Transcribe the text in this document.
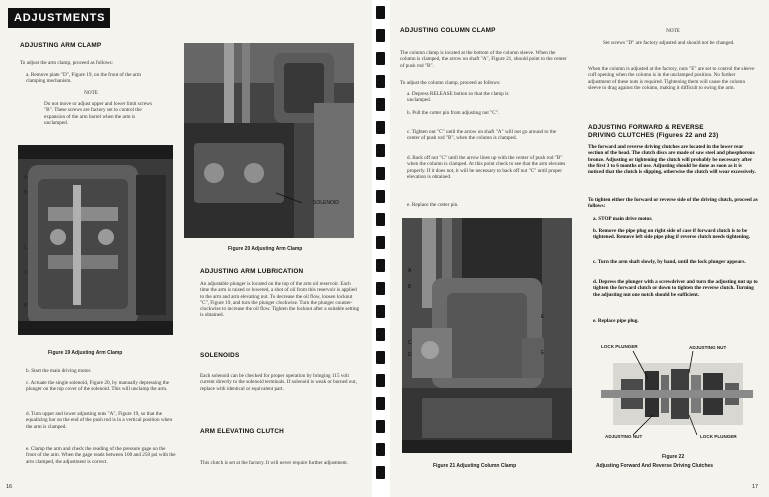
ADJUSTMENTS
ADJUSTING ARM CLAMP
To adjust the arm clamp, proceed as follows:
a. Remove plate "D", Figure 19, on the front of the arm clamping mechanism.
NOTE
Do not move or adjust upper and lower limit screws "B". These screws are factory set to control the expansion of the arm barrel when the arm is unclamped.
A
B
C
D
B
A
Figure 19 Adjusting Arm Clamp
SOLENOID
Figure 20 Adjusting Arm Clamp
ADJUSTING ARM LUBRICATION
An adjustable plunger is located on the top of the arm oil reservoir. Each time the arm is raised or lowered, a shot of oil from this reservoir is applied to the arm and arm elevating nut. To decrease the oil flow, loosen locknut "C", Figure 19, and turn the plunger clockwise. Turn the plunger counter-clockwise to increase the oil flow. Tighten the locknut after a suitable setting is obtained.
SOLENOIDS
Each solenoid can be checked for proper operation by bringing 115 volt current directly to the solenoid terminals. If solenoid is weak or burned out, replace with identical or equivalent part.
ARM ELEVATING CLUTCH
This clutch is set at the factory. It will never require further adjustment.
b. Start the main driving motor.
c. Actuate the single solenoid, Figure 20, by manually depressing the plunger on the top cover of the solenoid. This will unclamp the arm.
d. Turn upper and lower adjusting nuts "A", Figure 19, so that the equalizing bar on the end of the push rod is in a vertical position when the arm is clamped.
e. Clamp the arm and check the reading of the pressure gage on the front of the arm. When the gage reads between 100 and 250 psi with the arm clamped, the adjustment is correct.
16
ADJUSTING COLUMN CLAMP
The column clamp is located at the bottom of the column sleeve. When the column is clamped, the arrow on shaft "A", Figure 21, should point to the center of push rod "B".
To adjust the column clamp, proceed as follows:
a. Depress RELEASE button so that the clamp is unclamped.
b. Pull the cotter pin from adjusting nut "C".
c. Tighten nut "C" until the arrow on shaft "A" will not go around to the center of push rod "B", when the column is clamped.
d. Back off nut "C" until the arrow lines up with the center of push rod "B" when the column is clamped. At this point check to see that the arm elevates properly. If it does not, it will be necessary to back off nut "C" until proper elevation is obtained.
e. Replace the cotter pin.
A
B
C
D
E
E
Figure 21 Adjusting Column Clamp
NOTE
Set screws "D" are factory adjusted and should not be changed.
When the column is adjusted at the factory, nuts "E" are set to control the sleeve cuff opening when the column is in the unclamped position. No further adjustment of these nuts is required. Tightening them will cause the column sleeve to drag against the column, making it difficult to swing the arm.
ADJUSTING FORWARD & REVERSE
DRIVING CLUTCHES (Figures 22 and 23)
The forward and reverse driving clutches are located in the lower rear section of the head. The clutch discs are made of saw steel and phosphorous bronze. Adjusting or tightening the clutch will probably be necessary after the first 3 to 6 months of use. Adjusting should be done as soon as it is noticed that the clutch is slipping, otherwise the clutch will wear excessively.
To tighten either the forward or reverse side of the driving clutch, proceed as follows:
a. STOP main drive motor.
b. Remove the pipe plug on right side of case if forward clutch is to be tightened. Remove left side pipe plug if reverse clutch needs tightening.
c. Turn the arm shaft slowly, by hand, until the lock plunger appears.
d. Depress the plunger with a screwdriver and turn the adjusting nut up to tighten the forward clutch or down to tighten the reverse clutch. Turning the adjusting nut one notch should be sufficient.
e. Replace pipe plug.
LOCK PLUNGER	ADJUSTING NUT
ADJUSTING NUT	LOCK PLUNGER
Figure 22
Adjusting Forward And Reverse Driving Clutches
17
